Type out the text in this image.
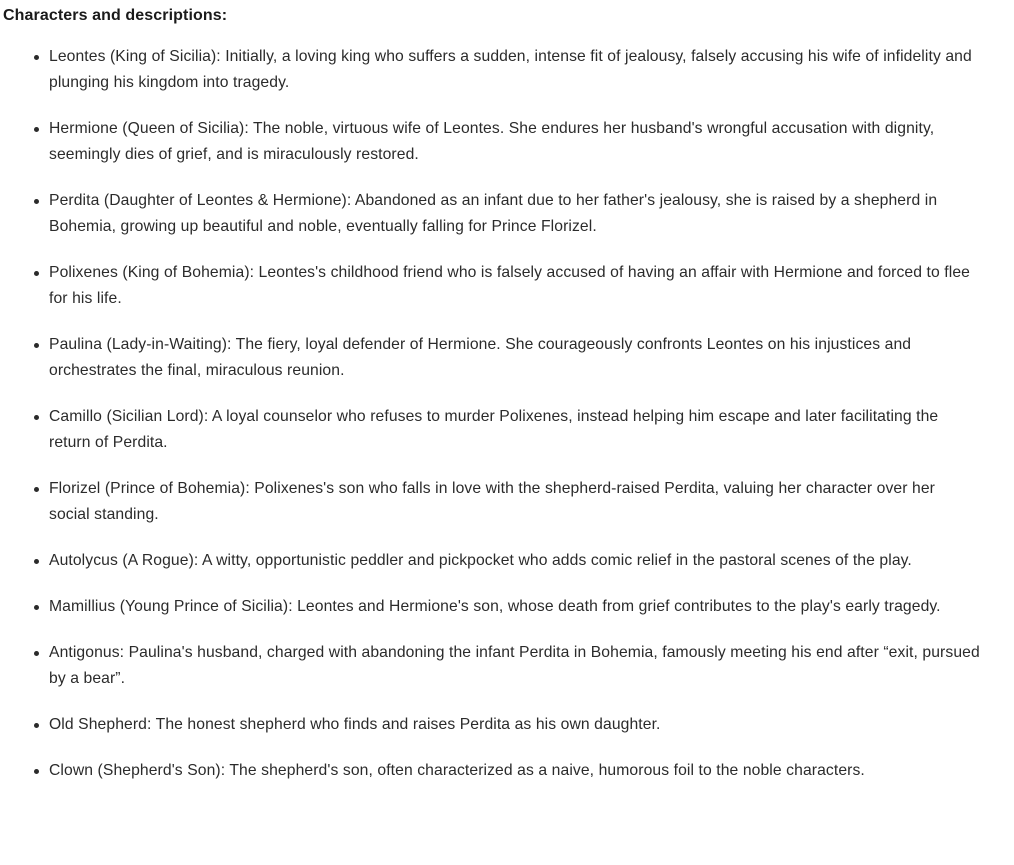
Characters and descriptions:

Leontes (King of Sicilia): Initially, a loving king who suffers a sudden, intense fit of jealousy, falsely accusing his wife of infidelity and plunging his kingdom into tragedy.
Hermione (Queen of Sicilia): The noble, virtuous wife of Leontes. She endures her husband's wrongful accusation with dignity, seemingly dies of grief, and is miraculously restored.
Perdita (Daughter of Leontes & Hermione): Abandoned as an infant due to her father's jealousy, she is raised by a shepherd in Bohemia, growing up beautiful and noble, eventually falling for Prince Florizel.
Polixenes (King of Bohemia): Leontes's childhood friend who is falsely accused of having an affair with Hermione and forced to flee for his life.
Paulina (Lady-in-Waiting): The fiery, loyal defender of Hermione. She courageously confronts Leontes on his injustices and orchestrates the final, miraculous reunion.
Camillo (Sicilian Lord): A loyal counselor who refuses to murder Polixenes, instead helping him escape and later facilitating the return of Perdita.
Florizel (Prince of Bohemia): Polixenes's son who falls in love with the shepherd-raised Perdita, valuing her character over her social standing.
Autolycus (A Rogue): A witty, opportunistic peddler and pickpocket who adds comic relief in the pastoral scenes of the play.
Mamillius (Young Prince of Sicilia): Leontes and Hermione's son, whose death from grief contributes to the play's early tragedy.
Antigonus: Paulina's husband, charged with abandoning the infant Perdita in Bohemia, famously meeting his end after “exit, pursued by a bear”.
Old Shepherd: The honest shepherd who finds and raises Perdita as his own daughter.
Clown (Shepherd's Son): The shepherd's son, often characterized as a naive, humorous foil to the noble characters.
